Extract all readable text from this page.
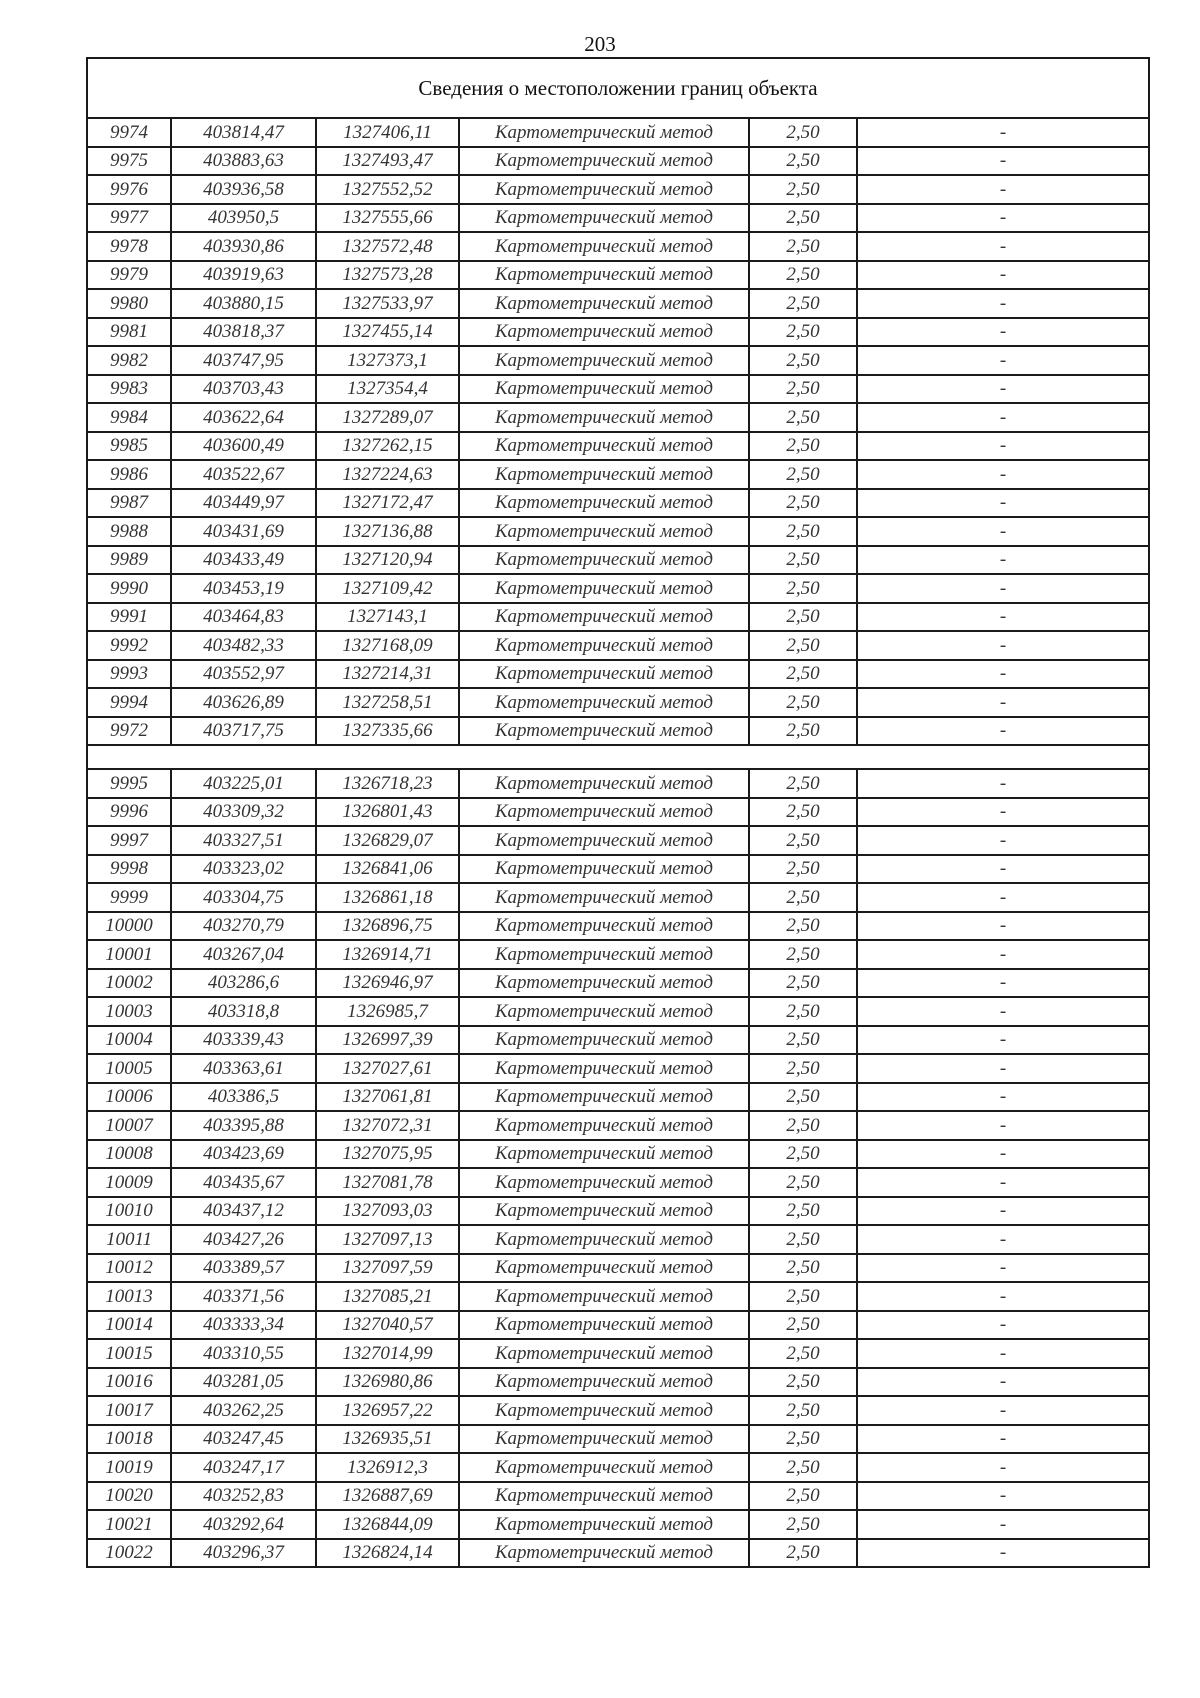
203
Сведения о местоположении границ объекта					
9974	403814,47	1327406,11	Картометрический метод	2,50	-
9975	403883,63	1327493,47	Картометрический метод	2,50	-
9976	403936,58	1327552,52	Картометрический метод	2,50	-
9977	403950,5	1327555,66	Картометрический метод	2,50	-
9978	403930,86	1327572,48	Картометрический метод	2,50	-
9979	403919,63	1327573,28	Картометрический метод	2,50	-
9980	403880,15	1327533,97	Картометрический метод	2,50	-
9981	403818,37	1327455,14	Картометрический метод	2,50	-
9982	403747,95	1327373,1	Картометрический метод	2,50	-
9983	403703,43	1327354,4	Картометрический метод	2,50	-
9984	403622,64	1327289,07	Картометрический метод	2,50	-
9985	403600,49	1327262,15	Картометрический метод	2,50	-
9986	403522,67	1327224,63	Картометрический метод	2,50	-
9987	403449,97	1327172,47	Картометрический метод	2,50	-
9988	403431,69	1327136,88	Картометрический метод	2,50	-
9989	403433,49	1327120,94	Картометрический метод	2,50	-
9990	403453,19	1327109,42	Картометрический метод	2,50	-
9991	403464,83	1327143,1	Картометрический метод	2,50	-
9992	403482,33	1327168,09	Картометрический метод	2,50	-
9993	403552,97	1327214,31	Картометрический метод	2,50	-
9994	403626,89	1327258,51	Картометрический метод	2,50	-
9972	403717,75	1327335,66	Картометрический метод	2,50	-

9995	403225,01	1326718,23	Картометрический метод	2,50	-
9996	403309,32	1326801,43	Картометрический метод	2,50	-
9997	403327,51	1326829,07	Картометрический метод	2,50	-
9998	403323,02	1326841,06	Картометрический метод	2,50	-
9999	403304,75	1326861,18	Картометрический метод	2,50	-
10000	403270,79	1326896,75	Картометрический метод	2,50	-
10001	403267,04	1326914,71	Картометрический метод	2,50	-
10002	403286,6	1326946,97	Картометрический метод	2,50	-
10003	403318,8	1326985,7	Картометрический метод	2,50	-
10004	403339,43	1326997,39	Картометрический метод	2,50	-
10005	403363,61	1327027,61	Картометрический метод	2,50	-
10006	403386,5	1327061,81	Картометрический метод	2,50	-
10007	403395,88	1327072,31	Картометрический метод	2,50	-
10008	403423,69	1327075,95	Картометрический метод	2,50	-
10009	403435,67	1327081,78	Картометрический метод	2,50	-
10010	403437,12	1327093,03	Картометрический метод	2,50	-
10011	403427,26	1327097,13	Картометрический метод	2,50	-
10012	403389,57	1327097,59	Картометрический метод	2,50	-
10013	403371,56	1327085,21	Картометрический метод	2,50	-
10014	403333,34	1327040,57	Картометрический метод	2,50	-
10015	403310,55	1327014,99	Картометрический метод	2,50	-
10016	403281,05	1326980,86	Картометрический метод	2,50	-
10017	403262,25	1326957,22	Картометрический метод	2,50	-
10018	403247,45	1326935,51	Картометрический метод	2,50	-
10019	403247,17	1326912,3	Картометрический метод	2,50	-
10020	403252,83	1326887,69	Картометрический метод	2,50	-
10021	403292,64	1326844,09	Картометрический метод	2,50	-
10022	403296,37	1326824,14	Картометрический метод	2,50	-
